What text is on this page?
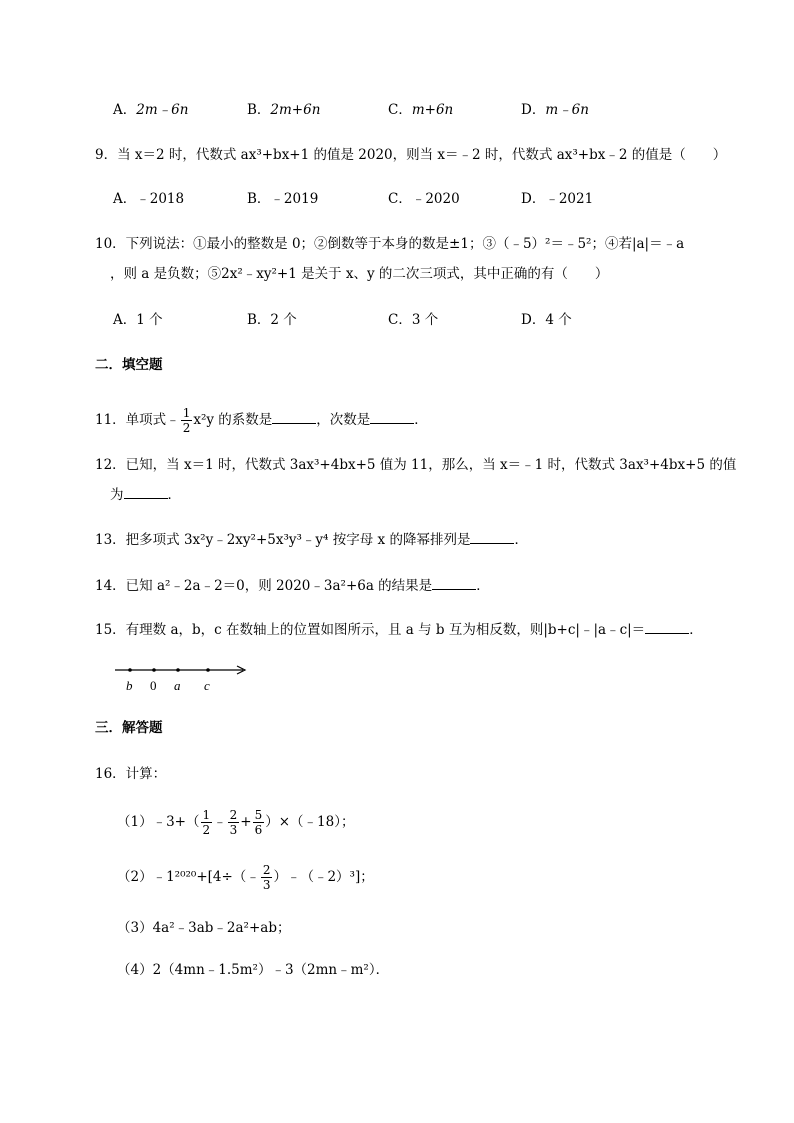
A．2m﹣6n	B．2m+6n	C．m+6n	D．m﹣6n
9．当 x＝2 时，代数式 ax³+bx+1 的值是 2020，则当 x＝﹣2 时，代数式 ax³+bx﹣2 的值是（　　）
A．﹣2018	B．﹣2019	C．﹣2020	D．﹣2021
10．下列说法：①最小的整数是 0；②倒数等于本身的数是±1；③（﹣5）²＝﹣5²；④若|a|＝﹣a
，则 a 是负数；⑤2x²﹣xy²+1 是关于 x、y 的二次三项式，其中正确的有（　　）
A．1 个	B．2 个	C．3 个	D．4 个
二．填空题
11．单项式﹣ $\frac{1}{2} x^2y$ 的系数是	，次数是	．
12．已知，当 x＝1 时，代数式 3ax³+4bx+5 值为 11，那么，当 x＝﹣1 时，代数式 3ax³+4bx+5 的值
为	．
13．把多项式 3x²y﹣2xy²+5x³y³﹣y⁴ 按字母 x 的降幂排列是	．
14．已知 a²﹣2a﹣2＝0，则 2020﹣3a²+6a 的结果是	．
15．有理数 a，b，c 在数轴上的位置如图所示，且 a 与 b 互为相反数，则|b+c|﹣|a﹣c|＝	．
b 0 a c
三．解答题
16．计算：
（1）﹣3+（ $\frac{1}{2}$ ﹣ $\frac{2}{3} + \frac{5}{6}$ ）×（﹣18）；
（2）﹣1²⁰²⁰+[4÷（﹣ $\frac{2}{3}$ ）﹣（﹣2）³]；
（3）4a²﹣3ab﹣2a²+ab；
（4）2（4mn﹣1.5m²）﹣3（2mn﹣m²）．
